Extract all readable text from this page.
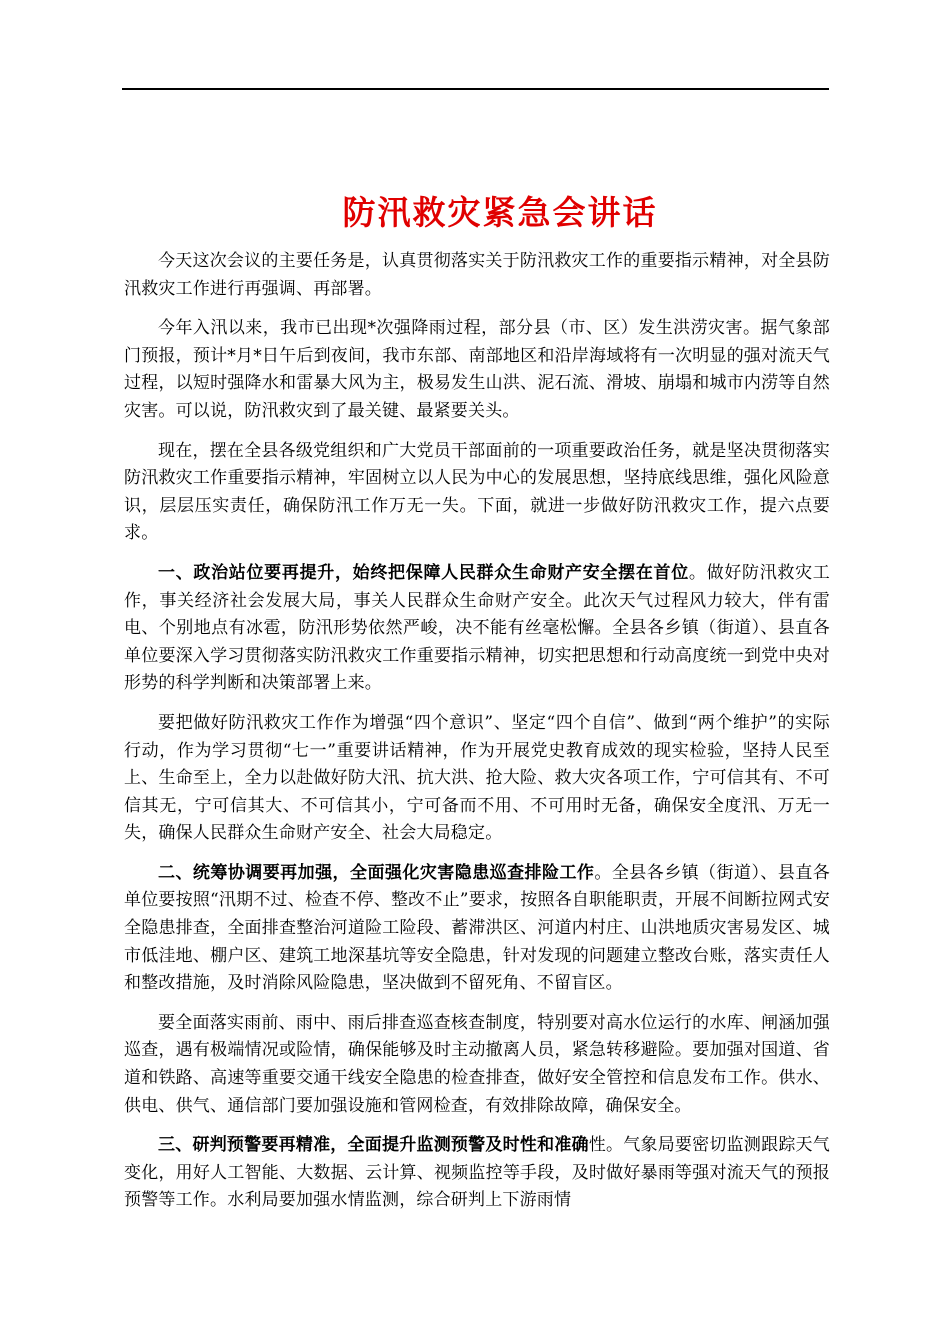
防汛救灾紧急会讲话

今天这次会议的主要任务是，认真贯彻落实关于防汛救灾工作的重要指示精神，对全县防汛救灾工作进行再强调、再部署。

今年入汛以来，我市已出现*次强降雨过程，部分县（市、区）发生洪涝灾害。据气象部门预报，预计*月*日午后到夜间，我市东部、南部地区和沿岸海域将有一次明显的强对流天气过程，以短时强降水和雷暴大风为主，极易发生山洪、泥石流、滑坡、崩塌和城市内涝等自然灾害。可以说，防汛救灾到了最关键、最紧要关头。

现在，摆在全县各级党组织和广大党员干部面前的一项重要政治任务，就是坚决贯彻落实防汛救灾工作重要指示精神，牢固树立以人民为中心的发展思想，坚持底线思维，强化风险意识，层层压实责任，确保防汛工作万无一失。下面，就进一步做好防汛救灾工作，提六点要求。

一、政治站位要再提升，始终把保障人民群众生命财产安全摆在首位。做好防汛救灾工作，事关经济社会发展大局，事关人民群众生命财产安全。此次天气过程风力较大，伴有雷电、个别地点有冰雹，防汛形势依然严峻，决不能有丝毫松懈。全县各乡镇（街道）、县直各单位要深入学习贯彻落实防汛救灾工作重要指示精神，切实把思想和行动高度统一到党中央对形势的科学判断和决策部署上来。

要把做好防汛救灾工作作为增强“四个意识”、坚定“四个自信”、做到“两个维护”的实际行动，作为学习贯彻“七一”重要讲话精神，作为开展党史教育成效的现实检验，坚持人民至上、生命至上，全力以赴做好防大汛、抗大洪、抢大险、救大灾各项工作，宁可信其有、不可信其无，宁可信其大、不可信其小，宁可备而不用、不可用时无备，确保安全度汛、万无一失，确保人民群众生命财产安全、社会大局稳定。

二、统筹协调要再加强，全面强化灾害隐患巡查排险工作。全县各乡镇（街道）、县直各单位要按照“汛期不过、检查不停、整改不止”要求，按照各自职能职责，开展不间断拉网式安全隐患排查，全面排查整治河道险工险段、蓄滞洪区、河道内村庄、山洪地质灾害易发区、城市低洼地、棚户区、建筑工地深基坑等安全隐患，针对发现的问题建立整改台账，落实责任人和整改措施，及时消除风险隐患，坚决做到不留死角、不留盲区。

要全面落实雨前、雨中、雨后排查巡查核查制度，特别要对高水位运行的水库、闸涵加强巡查，遇有极端情况或险情，确保能够及时主动撤离人员，紧急转移避险。要加强对国道、省道和铁路、高速等重要交通干线安全隐患的检查排查，做好安全管控和信息发布工作。供水、供电、供气、通信部门要加强设施和管网检查，有效排除故障，确保安全。

三、研判预警要再精准，全面提升监测预警及时性和准确性。气象局要密切监测跟踪天气变化，用好人工智能、大数据、云计算、视频监控等手段，及时做好暴雨等强对流天气的预报预警等工作。水利局要加强水情监测，综合研判上下游雨情
